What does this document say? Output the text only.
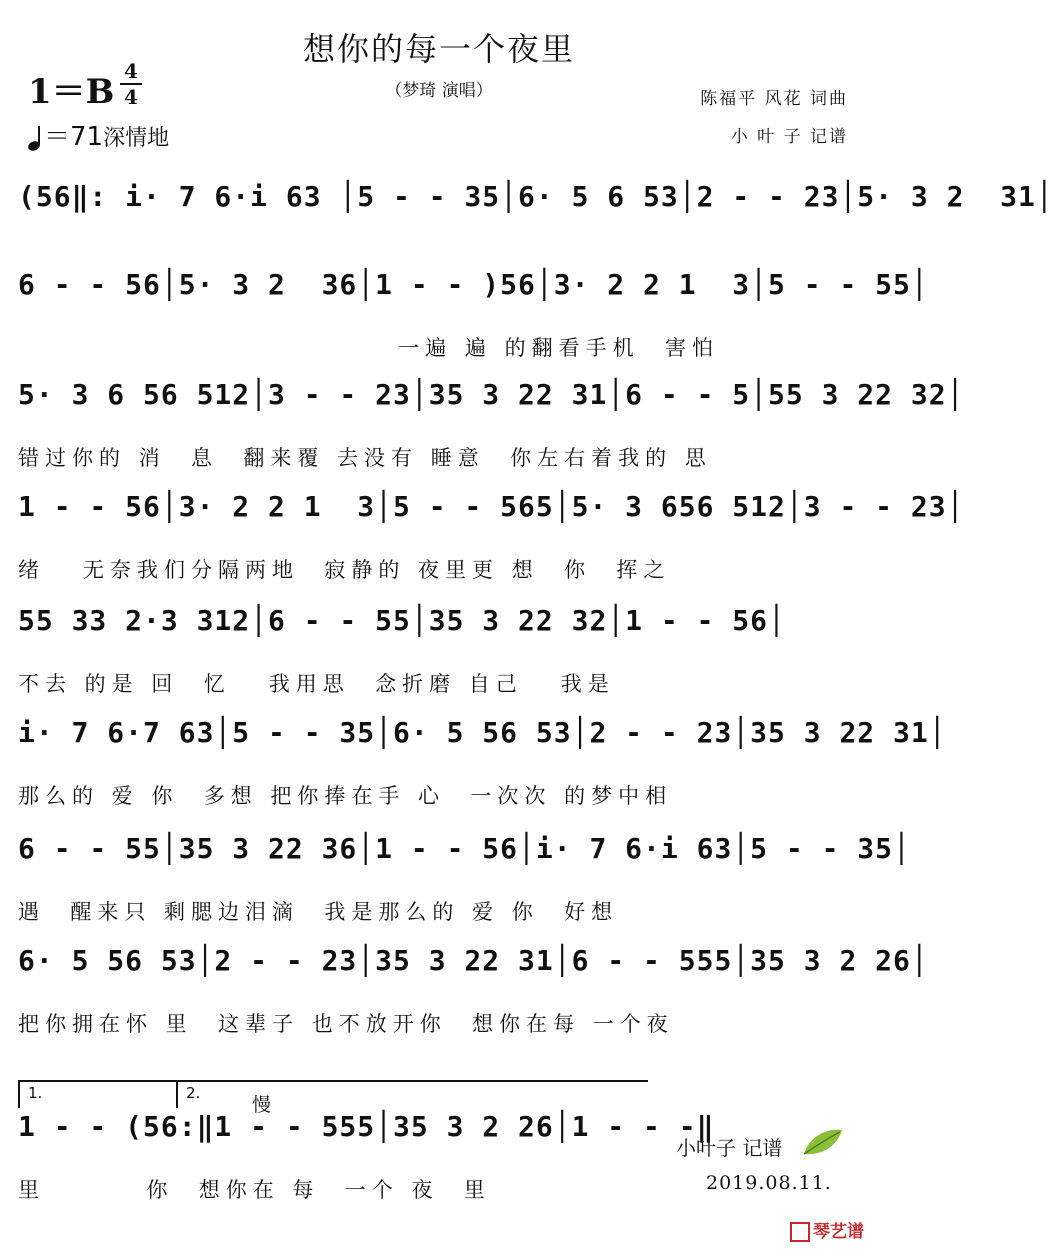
想你的每一个夜里
（梦琦 演唱）
1＝B
4
4
＝71深情地
陈福平 风花 词曲
小 叶 子 记谱
(56‖: i· 7 6·i 63 │5 - - 35│6· 5 6 53│2 - - 23│5· 3 2  31│
6 - - 56│5· 3 2  36│1 - - )56│3· 2 2 1  3│5 - - 55│
一遍 遍 的翻看手机  害怕
5· 3 6 56 512│3 - - 23│35 3 22 31│6 - - 5│55 3 22 32│
错过你的 消  息  翻来覆 去没有 睡意  你左右着我的 思
1 - - 56│3· 2 2 1  3│5 - - 565│5· 3 656 512│3 - - 23│
绪   无奈我们分隔两地  寂静的 夜里更 想  你  挥之
55 33 2·3 312│6 - - 55│35 3 22 32│1 - - 56│
不去 的是 回  忆   我用思  念折磨 自己   我是
i· 7 6·7 63│5 - - 35│6· 5 56 53│2 - - 23│35 3 22 31│
那么的 爱 你  多想 把你捧在手 心  一次次 的梦中相
6 - - 55│35 3 22 36│1 - - 56│i· 7 6·i 63│5 - - 35│
遇  醒来只 剩腮边泪滴  我是那么的 爱 你  好想
6· 5 56 53│2 - - 23│35 3 22 31│6 - - 555│35 3 2 26│
把你拥在怀 里  这辈子 也不放开你  想你在每 一个夜
1.	2.
慢
1 - - (56:‖1 - - 555│35 3 2 26│1 - - -‖
里        你  想你在 每  一个 夜  里
小叶子 记谱
2019.08.11.
琴艺谱
